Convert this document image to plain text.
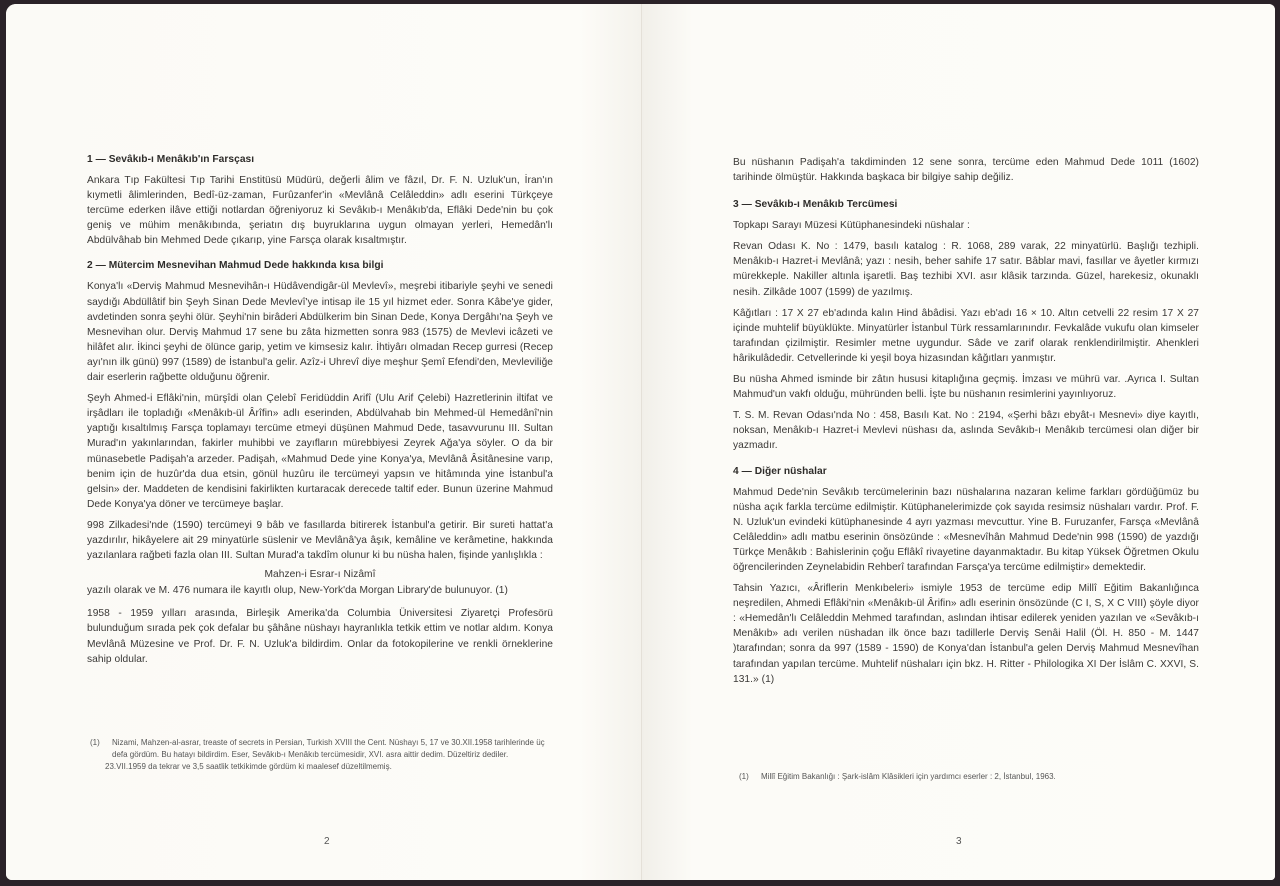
1 — Sevâkıb-ı Menâkıb'ın Farsçası

Ankara Tıp Fakültesi Tıp Tarihi Enstitüsü Müdürü, değerli âlim ve fâzıl, Dr. F. N. Uzluk'un, İran'ın kıymetli âlimlerinden, Bedî-üz-zaman, Furûzanfer'in «Mevlânâ Celâleddin» adlı eserini Türkçeye tercüme ederken ilâve ettiği notlardan öğreniyoruz ki Sevâkıb-ı Menâkıb'da, Eflâki Dede'nin bu çok geniş ve mühim menâkıbında, şeriatın dış buyruklarına uygun olmayan yerleri, Hemedân'lı Abdülvâhab bin Mehmed Dede çıkarıp, yine Farsça olarak kısaltmıştır.

2 — Mütercim Mesnevihan Mahmud Dede hakkında kısa bilgi

Konya'lı «Derviş Mahmud Mesnevihân-ı Hüdâvendigâr-ül Mevlevî», meşrebi itibariyle şeyhi ve senedi saydığı Abdüllâtif bin Şeyh Sinan Dede Mevlevî'ye intisap ile 15 yıl hizmet eder. Sonra Kâbe'ye gider, avdetinden sonra şeyhi ölür. Şeyhi'nin birâderi Abdülkerim bin Sinan Dede, Konya Dergâhı'na Şeyh ve Mesnevihan olur. Derviş Mahmud 17 sene bu zâta hizmetten sonra 983 (1575) de Mevlevi icâzeti ve hilâfet alır. İkinci şeyhi de ölünce garip, yetim ve kimsesiz kalır. İhtiyârı olmadan Recep gurresi (Recep ayı'nın ilk günü) 997 (1589) de İstanbul'a gelir. Azîz-i Uhrevî diye meşhur Şemî Efendi'den, Mevleviliğe dair eserlerin rağbette olduğunu öğrenir.

Şeyh Ahmed-i Eflâki'nin, mürşîdi olan Çelebî Feridüddin Arifî (Ulu Arif Çelebi) Hazretlerinin iltifat ve irşâdları ile topladığı «Menâkıb-ül Ârîfin» adlı eserinden, Abdülvahab bin Mehmed-ül Hemedânî'nin yaptığı kısaltılmış Farsça toplamayı tercüme etmeyi düşünen Mahmud Dede, tasavvurunu III. Sultan Murad'ın yakınlarından, fakirler muhibbi ve zayıfların mürebbiyesi Zeyrek Ağa'ya söyler. O da bir münasebetle Padişah'a arzeder. Padişah, «Mahmud Dede yine Konya'ya, Mevlânâ Âsitânesine varıp, benim için de huzûr'da dua etsin, gönül huzûru ile tercümeyi yapsın ve hitâmında yine İstanbul'a gelsin» der. Maddeten de kendisini fakirlikten kurtaracak derecede taltif eder. Bunun üzerine Mahmud Dede Konya'ya döner ve tercümeye başlar.

998 Zilkadesi'nde (1590) tercümeyi 9 bâb ve fasıllarda bitirerek İstanbul'a getirir. Bir sureti hattat'a yazdırılır, hikâyelere ait 29 minyatürle süslenir ve Mevlânâ'ya âşık, kemâline ve kerâmetine, hakkında yazılanlara rağbeti fazla olan III. Sultan Murad'a takdîm olunur ki bu nüsha halen, fişinde yanlışlıkla :

Mahzen-i Esrar-ı Nizâmî

yazılı olarak ve M. 476 numara ile kayıtlı olup, New-York'da Morgan Library'de bulunuyor. (1)

1958 - 1959 yılları arasında, Birleşik Amerika'da Columbia Üniversitesi Ziyaretçi Profesörü bulunduğum sırada pek çok defalar bu şâhâne nüshayı hayranlıkla tetkik ettim ve notlar aldım. Konya Mevlânâ Müzesine ve Prof. Dr. F. N. Uzluk'a bildirdim. Onlar da fotokopilerine ve renkli örneklerine sahip oldular.

(1)	Nizami, Mahzen-al-asrar, treaste of secrets in Persian, Turkish XVIII the Cent. Nüshayı 5, 17 ve 30.XII.1958 tarihlerinde üç defa gördüm. Bu hatayı bildirdim. Eser, Sevâkıb-ı Menâkıb tercümesidir, XVI. asra aittir dedim. Düzeltiriz dediler.
23.VII.1959 da tekrar ve 3,5 saatlik tetkikimde gördüm ki maalesef düzeltilmemiş.
2

Bu nüshanın Padişah'a takdiminden 12 sene sonra, tercüme eden Mahmud Dede 1011 (1602) tarihinde ölmüştür. Hakkında başkaca bir bilgiye sahip değiliz.

3 — Sevâkıb-ı Menâkıb Tercümesi

Topkapı Sarayı Müzesi Kütüphanesindeki nüshalar :

Revan Odası K. No : 1479, basılı katalog : R. 1068, 289 varak, 22 minyatürlü. Başlığı tezhipli. Menâkıb-ı Hazret-i Mevlânâ; yazı : nesih, beher sahife 17 satır. Bâblar mavi, fasıllar ve âyetler kırmızı mürekkeple. Nakiller altınla işaretli. Baş tezhibi XVI. asır klâsik tarzında. Güzel, harekesiz, okunaklı nesih. Zilkâde 1007 (1599) de yazılmış.

Kâğıtları : 17 X 27 eb'adında kalın Hind âbâdisi. Yazı eb'adı 16 × 10. Altın cetvelli 22 resim 17 X 27 içinde muhtelif büyüklükte. Minyatürler İstanbul Türk ressamlarınındır. Fevkalâde vukufu olan kimseler tarafından çizilmiştir. Resimler metne uygundur. Sâde ve zarif olarak renklendirilmiştir. Ahenkleri hârikulâdedir. Cetvellerinde ki yeşil boya hizasından kâğıtları yanmıştır.

Bu nüsha Ahmed isminde bir zâtın hususi kitaplığına geçmiş. İmzası ve mührü var. .Ayrıca I. Sultan Mahmud'un vakfı olduğu, mühründen belli. İşte bu nüshanın resimlerini yayınlıyoruz.

T. S. M. Revan Odası'nda No : 458, Basılı Kat. No : 2194, «Şerhi bâzı ebyât-ı Mesnevi» diye kayıtlı, noksan, Menâkıb-ı Hazret-i Mevlevi nüshası da, aslında Sevâkıb-ı Menâkıb tercümesi olan diğer bir yazmadır.

4 — Diğer nüshalar

Mahmud Dede'nin Sevâkıb tercümelerinin bazı nüshalarına nazaran kelime farkları gördüğümüz bu nüsha açık farkla tercüme edilmiştir. Kütüphanelerimizde çok sayıda resimsiz nüshaları vardır. Prof. F. N. Uzluk'un evindeki kütüphanesinde 4 ayrı yazması mevcuttur. Yine B. Furuzanfer, Farsça «Mevlânâ Celâleddin» adlı matbu eserinin önsözünde : «Mesnevîhân Mahmud Dede'nin 998 (1590) de yazdığı Türkçe Menâkıb : Bahislerinin çoğu Eflâkî rivayetine dayanmaktadır. Bu kitap Yüksek Öğretmen Okulu öğrencilerinden Zeynelabidin Rehberî tarafından Farsça'ya tercüme edilmiştir» demektedir.

Tahsin Yazıcı, «Âriflerin Menkıbeleri» ismiyle 1953 de tercüme edip Millî Eğitim Bakanlığınca neşredilen, Ahmedi Eflâki'nin «Menâkıb-ül Ârifin» adlı eserinin önsözünde (C I, S, X C VIII) şöyle diyor : «Hemedân'lı Celâleddin Mehmed tarafından, aslından ihtisar edilerek yeniden yazılan ve «Sevâkıb-ı Menâkıb» adı verilen nüshadan ilk önce bazı tadillerle Derviş Senâi Halil (Öl. H. 850 - M. 1447 )tarafından; sonra da 997 (1589 - 1590) de Konya'dan İstanbul'a gelen Derviş Mahmud Mesnevîhan tarafından yapılan tercüme. Muhtelif nüshaları için bkz. H. Ritter - Philologika XI Der İslâm C. XXVI, S. 131.» (1)

(1)	Millî Eğitim Bakanlığı : Şark-islâm Klâsikleri için yardımcı eserler : 2, İstanbul, 1963.
3
